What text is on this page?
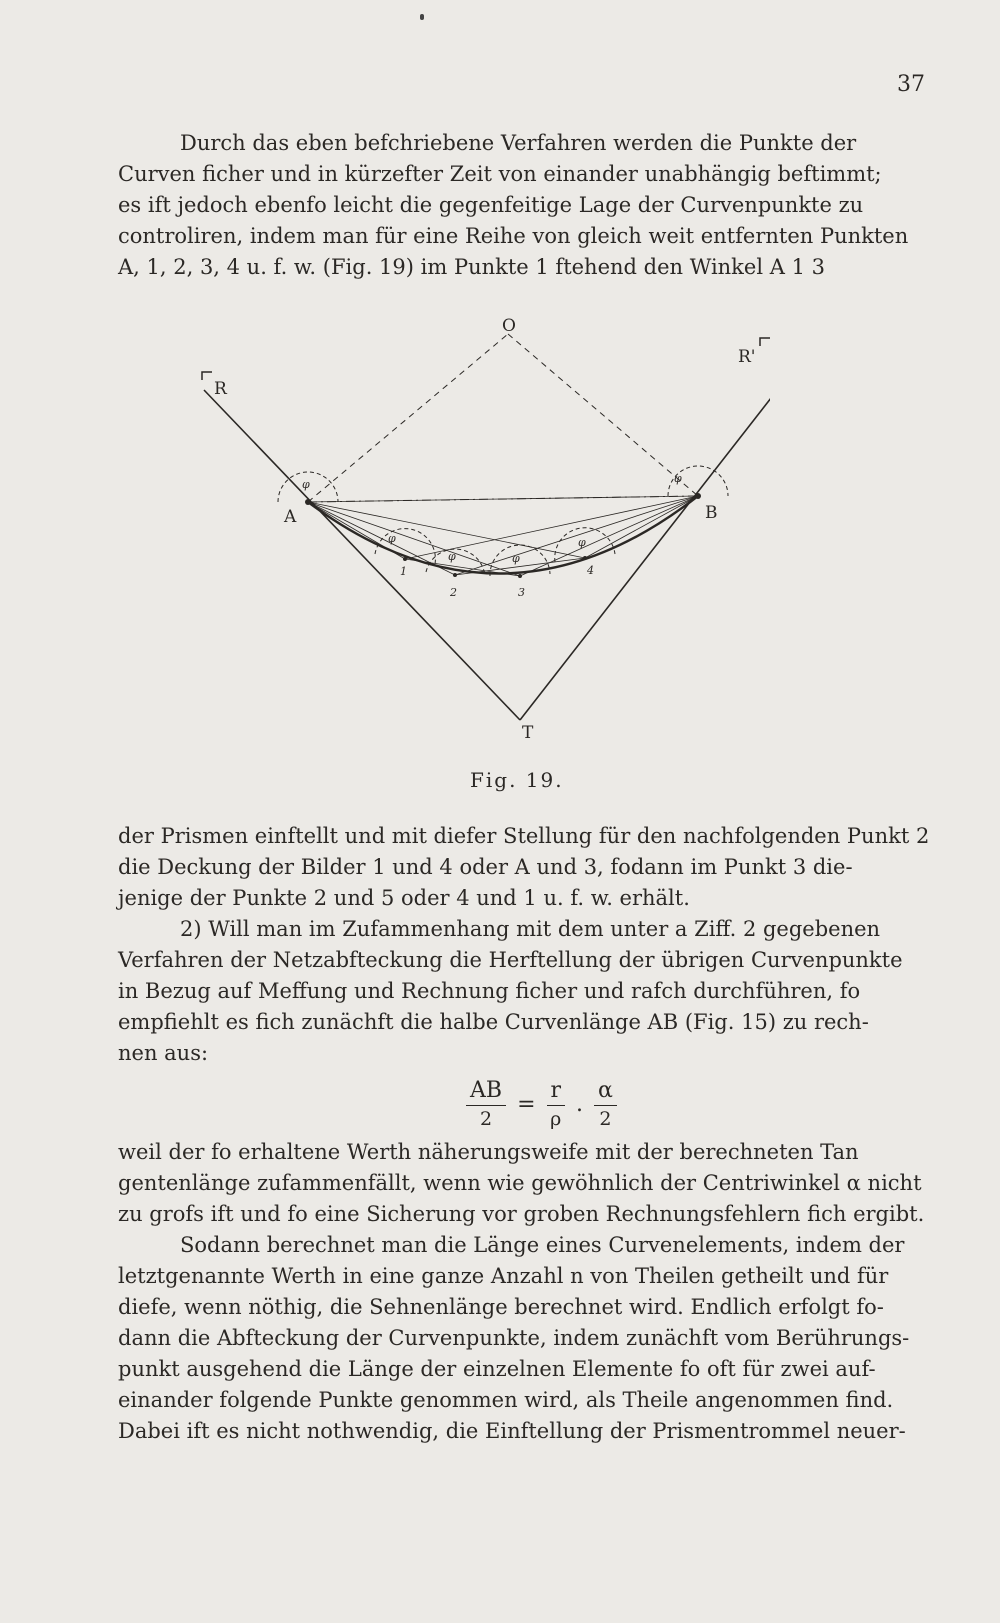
37
Durch das eben befchriebene Verfahren werden die Punkte der
Curven ficher und in kürzefter Zeit von einander unabhängig beftimmt;
es ift jedoch ebenfo leicht die gegenfeitige Lage der Curvenpunkte zu
controliren, indem man für eine Reihe von gleich weit entfernten Punkten
A, 1, 2, 3, 4 u. f. w. (Fig. 19) im Punkte 1 ftehend den Winkel A 1 3
O
R
R'
A	B
T
1
2	3
4
φ	φ
φ
φ	φ
φ
Fig. 19.
der Prismen einftellt und mit diefer Stellung für den nachfolgenden Punkt 2
die Deckung der Bilder 1 und 4 oder A und 3, fodann im Punkt 3 die-
jenige der Punkte 2 und 5 oder 4 und 1 u. f. w. erhält.
2) Will man im Zufammenhang mit dem unter a Ziff. 2 gegebenen
Verfahren der Netzabfteckung die Herftellung der übrigen Curvenpunkte
in Bezug auf Meffung und Rechnung ficher und rafch durchführen, fo
empfiehlt es fich zunächft die halbe Curvenlänge AB (Fig. 15) zu rech-
nen aus:
$\frac{AB}{2} = \frac{r}{\rho}$ . $\frac{\alpha}{2}$
weil der fo erhaltene Werth näherungsweife mit der berechneten Tan
gentenlänge zufammenfällt, wenn wie gewöhnlich der Centriwinkel α nicht
zu grofs ift und fo eine Sicherung vor groben Rechnungsfehlern fich ergibt.
Sodann berechnet man die Länge eines Curvenelements, indem der
letztgenannte Werth in eine ganze Anzahl n von Theilen getheilt und für
diefe, wenn nöthig, die Sehnenlänge berechnet wird. Endlich erfolgt fo-
dann die Abfteckung der Curvenpunkte, indem zunächft vom Berührungs-
punkt ausgehend die Länge der einzelnen Elemente fo oft für zwei auf-
einander folgende Punkte genommen wird, als Theile angenommen find.
Dabei ift es nicht nothwendig, die Einftellung der Prismentrommel neuer-
